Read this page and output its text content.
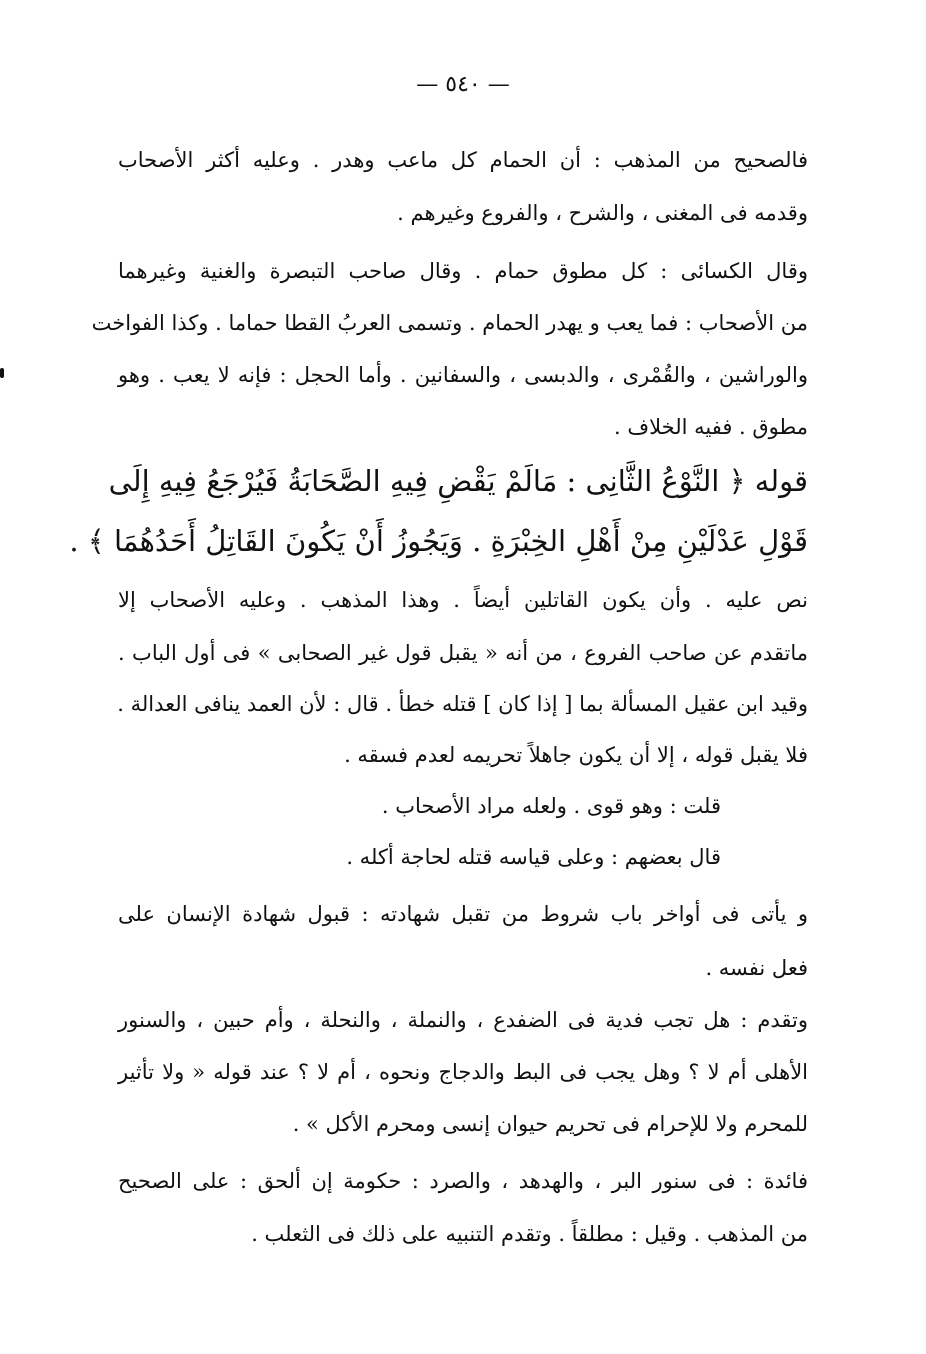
— ٥٤٠ —
فالصحيح من المذهب : أن الحمام كل ماعب وهدر . وعليه أكثر الأصحاب
وقدمه فى المغنى ، والشرح ، والفروع وغيرهم .
وقال الكسائى : كل مطوق حمام . وقال صاحب التبصرة والغنية وغيرهما
من الأصحاب : فما يعب و يهدر الحمام . وتسمى العربُ القطا حماما . وكذا الفواخت
والوراشين ، والقُمْرى ، والدبسى ، والسفانين . وأما الحجل : فإنه لا يعب . وهو
مطوق . ففيه الخلاف .
قوله ﴿ النَّوْعُ الثَّانِى : مَالَمْ يَقْضِ فِيهِ الصَّحَابَةُ فَيُرْجَعُ فِيهِ إِلَى
قَوْلِ عَدْلَيْنِ مِنْ أَهْلِ الخِبْرَةِ . وَيَجُوزُ أَنْ يَكُونَ القَاتِلُ أَحَدُهُمَا ﴾ .
نص عليه . وأن يكون القاتلين أيضاً . وهذا المذهب . وعليه الأصحاب إلا
ماتقدم عن صاحب الفروع ، من أنه « يقبل قول غير الصحابى » فى أول الباب .
وقيد ابن عقيل المسألة بما [ إذا كان ] قتله خطأ . قال : لأن العمد ينافى العدالة .
فلا يقبل قوله ، إلا أن يكون جاهلاً تحريمه لعدم فسقه .
قلت : وهو قوى . ولعله مراد الأصحاب .
قال بعضهم : وعلى قياسه قتله لحاجة أكله .
و يأتى فى أواخر باب شروط من تقبل شهادته : قبول شهادة الإنسان على
فعل نفسه .
وتقدم : هل تجب فدية فى الضفدع ، والنملة ، والنحلة ، وأم حبين ، والسنور
الأهلى أم لا ؟ وهل يجب فى البط والدجاج ونحوه ، أم لا ؟ عند قوله « ولا تأثير
للمحرم ولا للإحرام فى تحريم حيوان إنسى ومحرم الأكل » .
فائدة : فى سنور البر ، والهدهد ، والصرد : حكومة إن ألحق : على الصحيح
من المذهب . وقيل : مطلقاً . وتقدم التنبيه على ذلك فى الثعلب .
